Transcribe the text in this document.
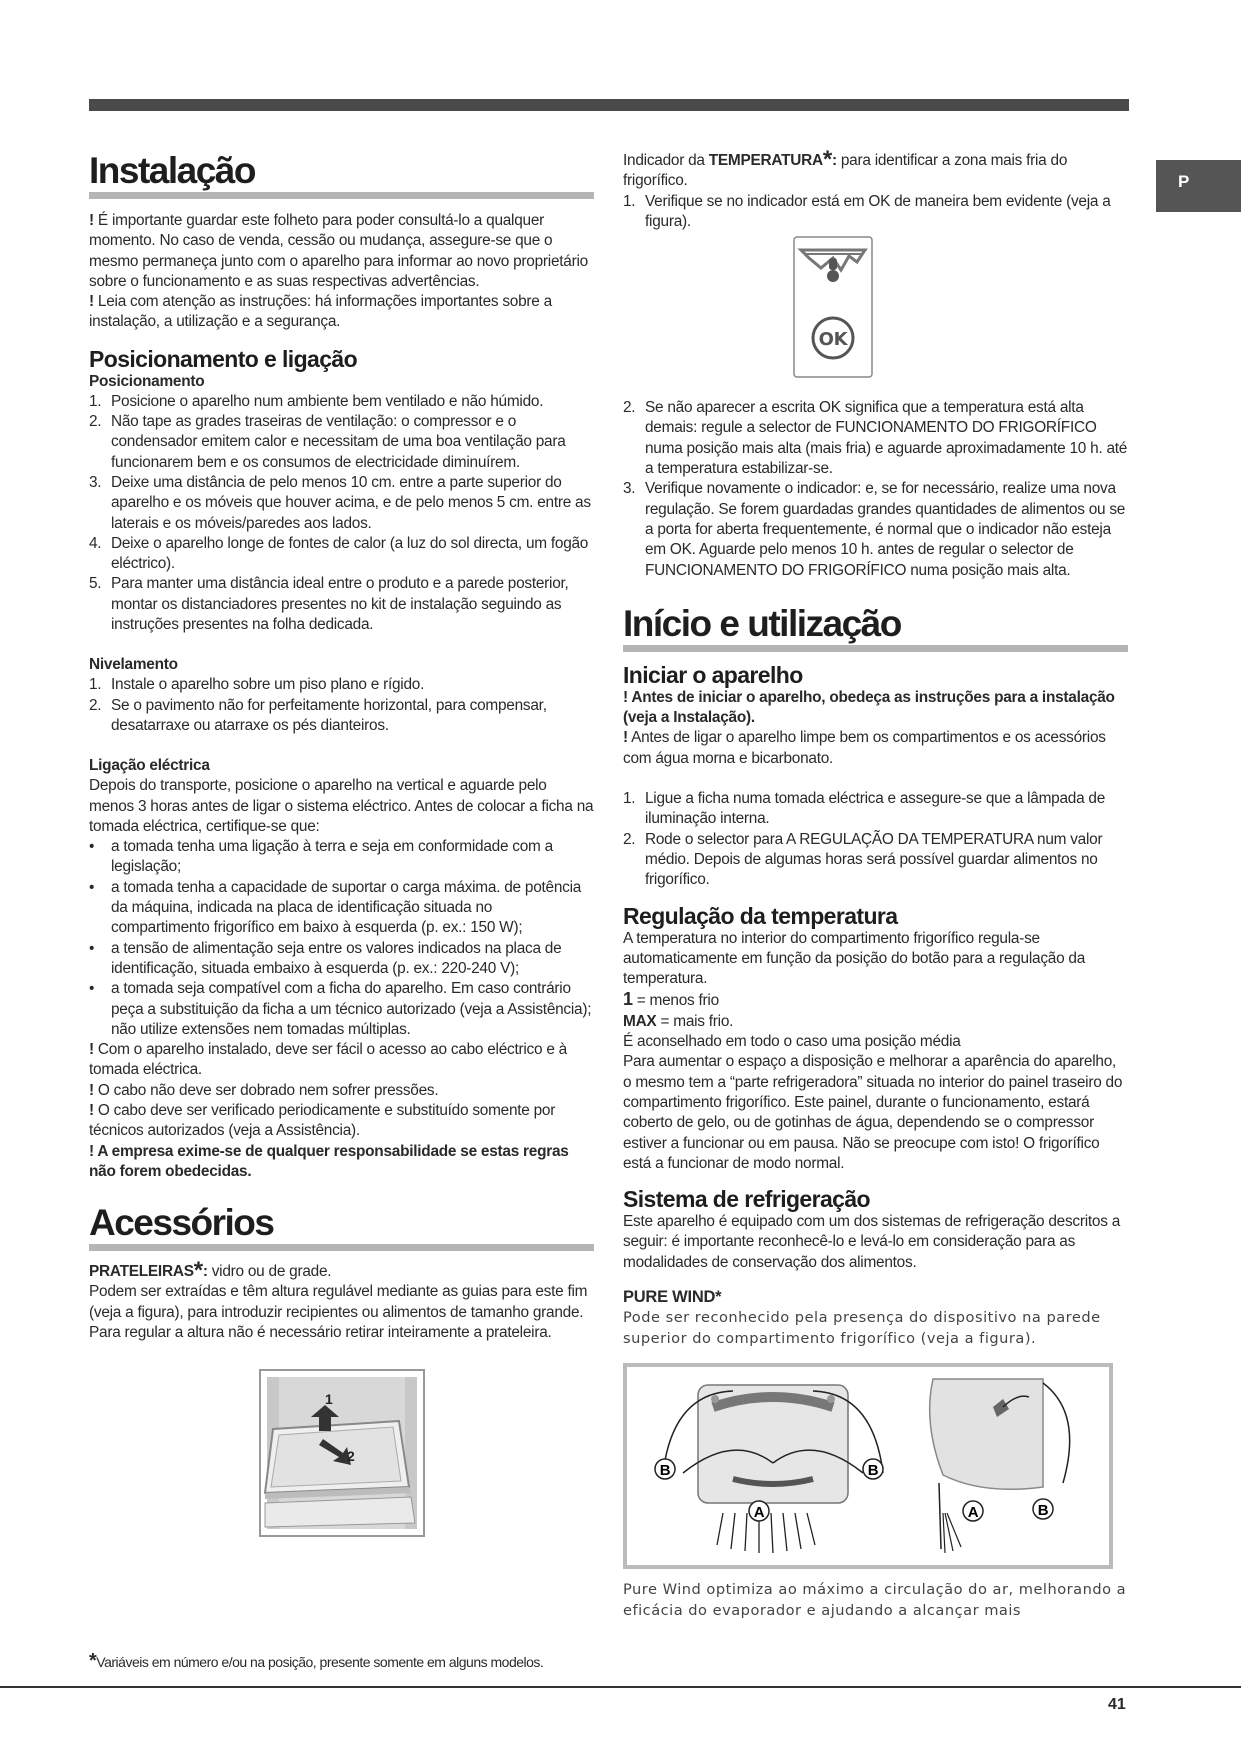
P
Instalação

! É importante guardar este folheto para poder consultá-lo a qualquer momento. No caso de venda, cessão ou mudança, assegure-se que o mesmo permaneça junto com o aparelho para informar ao novo proprietário sobre o funcionamento e as suas respectivas advertências.

! Leia com atenção as instruções: há informações importantes sobre a instalação, a utilização e a segurança.

Posicionamento e ligação
Posicionamento
1. Posicione o aparelho num ambiente bem ventilado e não húmido.
2. Não tape as grades traseiras de ventilação: o compressor e o condensador emitem calor e necessitam de uma boa ventilação para funcionarem bem e os consumos de electricidade diminuírem.
3. Deixe uma distância de pelo menos 10 cm. entre a parte superior do aparelho e os móveis que houver acima, e de pelo menos 5 cm. entre as laterais e os móveis/paredes aos lados.
4. Deixe o aparelho longe de fontes de calor (a luz do sol directa, um fogão eléctrico).
5. Para manter uma distância ideal entre o produto e a parede posterior, montar os distanciadores presentes no kit de instalação seguindo as instruções presentes na folha dedicada.
Nivelamento
1. Instale o aparelho sobre um piso plano e rígido.
2. Se o pavimento não for perfeitamente horizontal, para compensar, desatarraxe ou atarraxe os pés dianteiros.
Ligação eléctrica

Depois do transporte, posicione o aparelho na vertical e aguarde pelo menos 3 horas antes de ligar o sistema eléctrico. Antes de colocar a ficha na tomada eléctrica, certifique-se que:

• a tomada tenha uma ligação à terra e seja em conformidade com a legislação;
• a tomada tenha a capacidade de suportar o carga máxima. de potência da máquina, indicada na placa de identificação situada no compartimento frigorífico em baixo à esquerda (p. ex.: 150 W);
• a tensão de alimentação seja entre os valores indicados na placa de identificação, situada embaixo à esquerda (p. ex.: 220-240 V);
• a tomada seja compatível com a ficha do aparelho. Em caso contrário peça a substituição da ficha a um técnico autorizado (veja a Assistência); não utilize extensões nem tomadas múltiplas.

! Com o aparelho instalado, deve ser fácil o acesso ao cabo eléctrico e à tomada eléctrica.

! O cabo não deve ser dobrado nem sofrer pressões.

! O cabo deve ser verificado periodicamente e substituído somente por técnicos autorizados (veja a Assistência).

! A empresa exime-se de qualquer responsabilidade se estas regras não forem obedecidas.

Acessórios

PRATELEIRAS*: vidro ou de grade.

Podem ser extraídas e têm altura regulável mediante as guias para este fim (veja a figura), para introduzir recipientes ou alimentos de tamanho grande. Para regular a altura não é necessário retirar inteiramente a prateleira.

1
2

Indicador da TEMPERATURA*: para identificar a zona mais fria do frigorífico.

1. Verifique se no indicador está em OK de maneira bem evidente (veja a figura).
OK
2. Se não aparecer a escrita OK significa que a temperatura está alta demais: regule a selector de FUNCIONAMENTO DO FRIGORÍFICO numa posição mais alta (mais fria) e aguarde aproximadamente 10 h. até a temperatura estabilizar-se.
3. Verifique novamente o indicador: e, se for necessário, realize uma nova regulação. Se forem guardadas grandes quantidades de alimentos ou se a porta for aberta frequentemente, é normal que o indicador não esteja em OK. Aguarde pelo menos 10 h. antes de regular o selector de FUNCIONAMENTO DO FRIGORÍFICO numa posição mais alta.
Início e utilização
Iniciar o aparelho

! Antes de iniciar o aparelho, obedeça as instruções para a instalação (veja a Instalação).

! Antes de ligar o aparelho limpe bem os compartimentos e os acessórios com água morna e bicarbonato.

1. Ligue a ficha numa tomada eléctrica e assegure-se que a lâmpada de iluminação interna.
2. Rode o selector para A REGULAÇÃO DA TEMPERATURA num valor médio. Depois de algumas horas será possível guardar alimentos no frigorífico.
Regulação da temperatura

A temperatura no interior do compartimento frigorífico regula-se automaticamente em função da posição do botão para a regulação da temperatura.

1 = menos frio

MAX = mais frio.

É aconselhado em todo o caso uma posição média

Para aumentar o espaço a disposição e melhorar a aparência do aparelho, o mesmo tem a “parte refrigeradora” situada no interior do painel traseiro do compartimento frigorífico. Este painel, durante o funcionamento, estará coberto de gelo, ou de gotinhas de água, dependendo se o compressor estiver a funcionar ou em pausa. Não se preocupe com isto! O frigorífico está a funcionar de modo normal.

Sistema de refrigeração

Este aparelho é equipado com um dos sistemas de refrigeração descritos a seguir: é importante reconhecê-lo e levá-lo em consideração para as modalidades de conservação dos alimentos.

PURE WIND*

Pode ser reconhecido pela presença do dispositivo na parede superior do compartimento frigorífico (veja a figura).

B	B
A	A	B

Pure Wind optimiza ao máximo a circulação do ar, melhorando a eficácia do evaporador e ajudando a alcançar mais

*Variáveis em número e/ou na posição, presente somente em alguns modelos.
41
